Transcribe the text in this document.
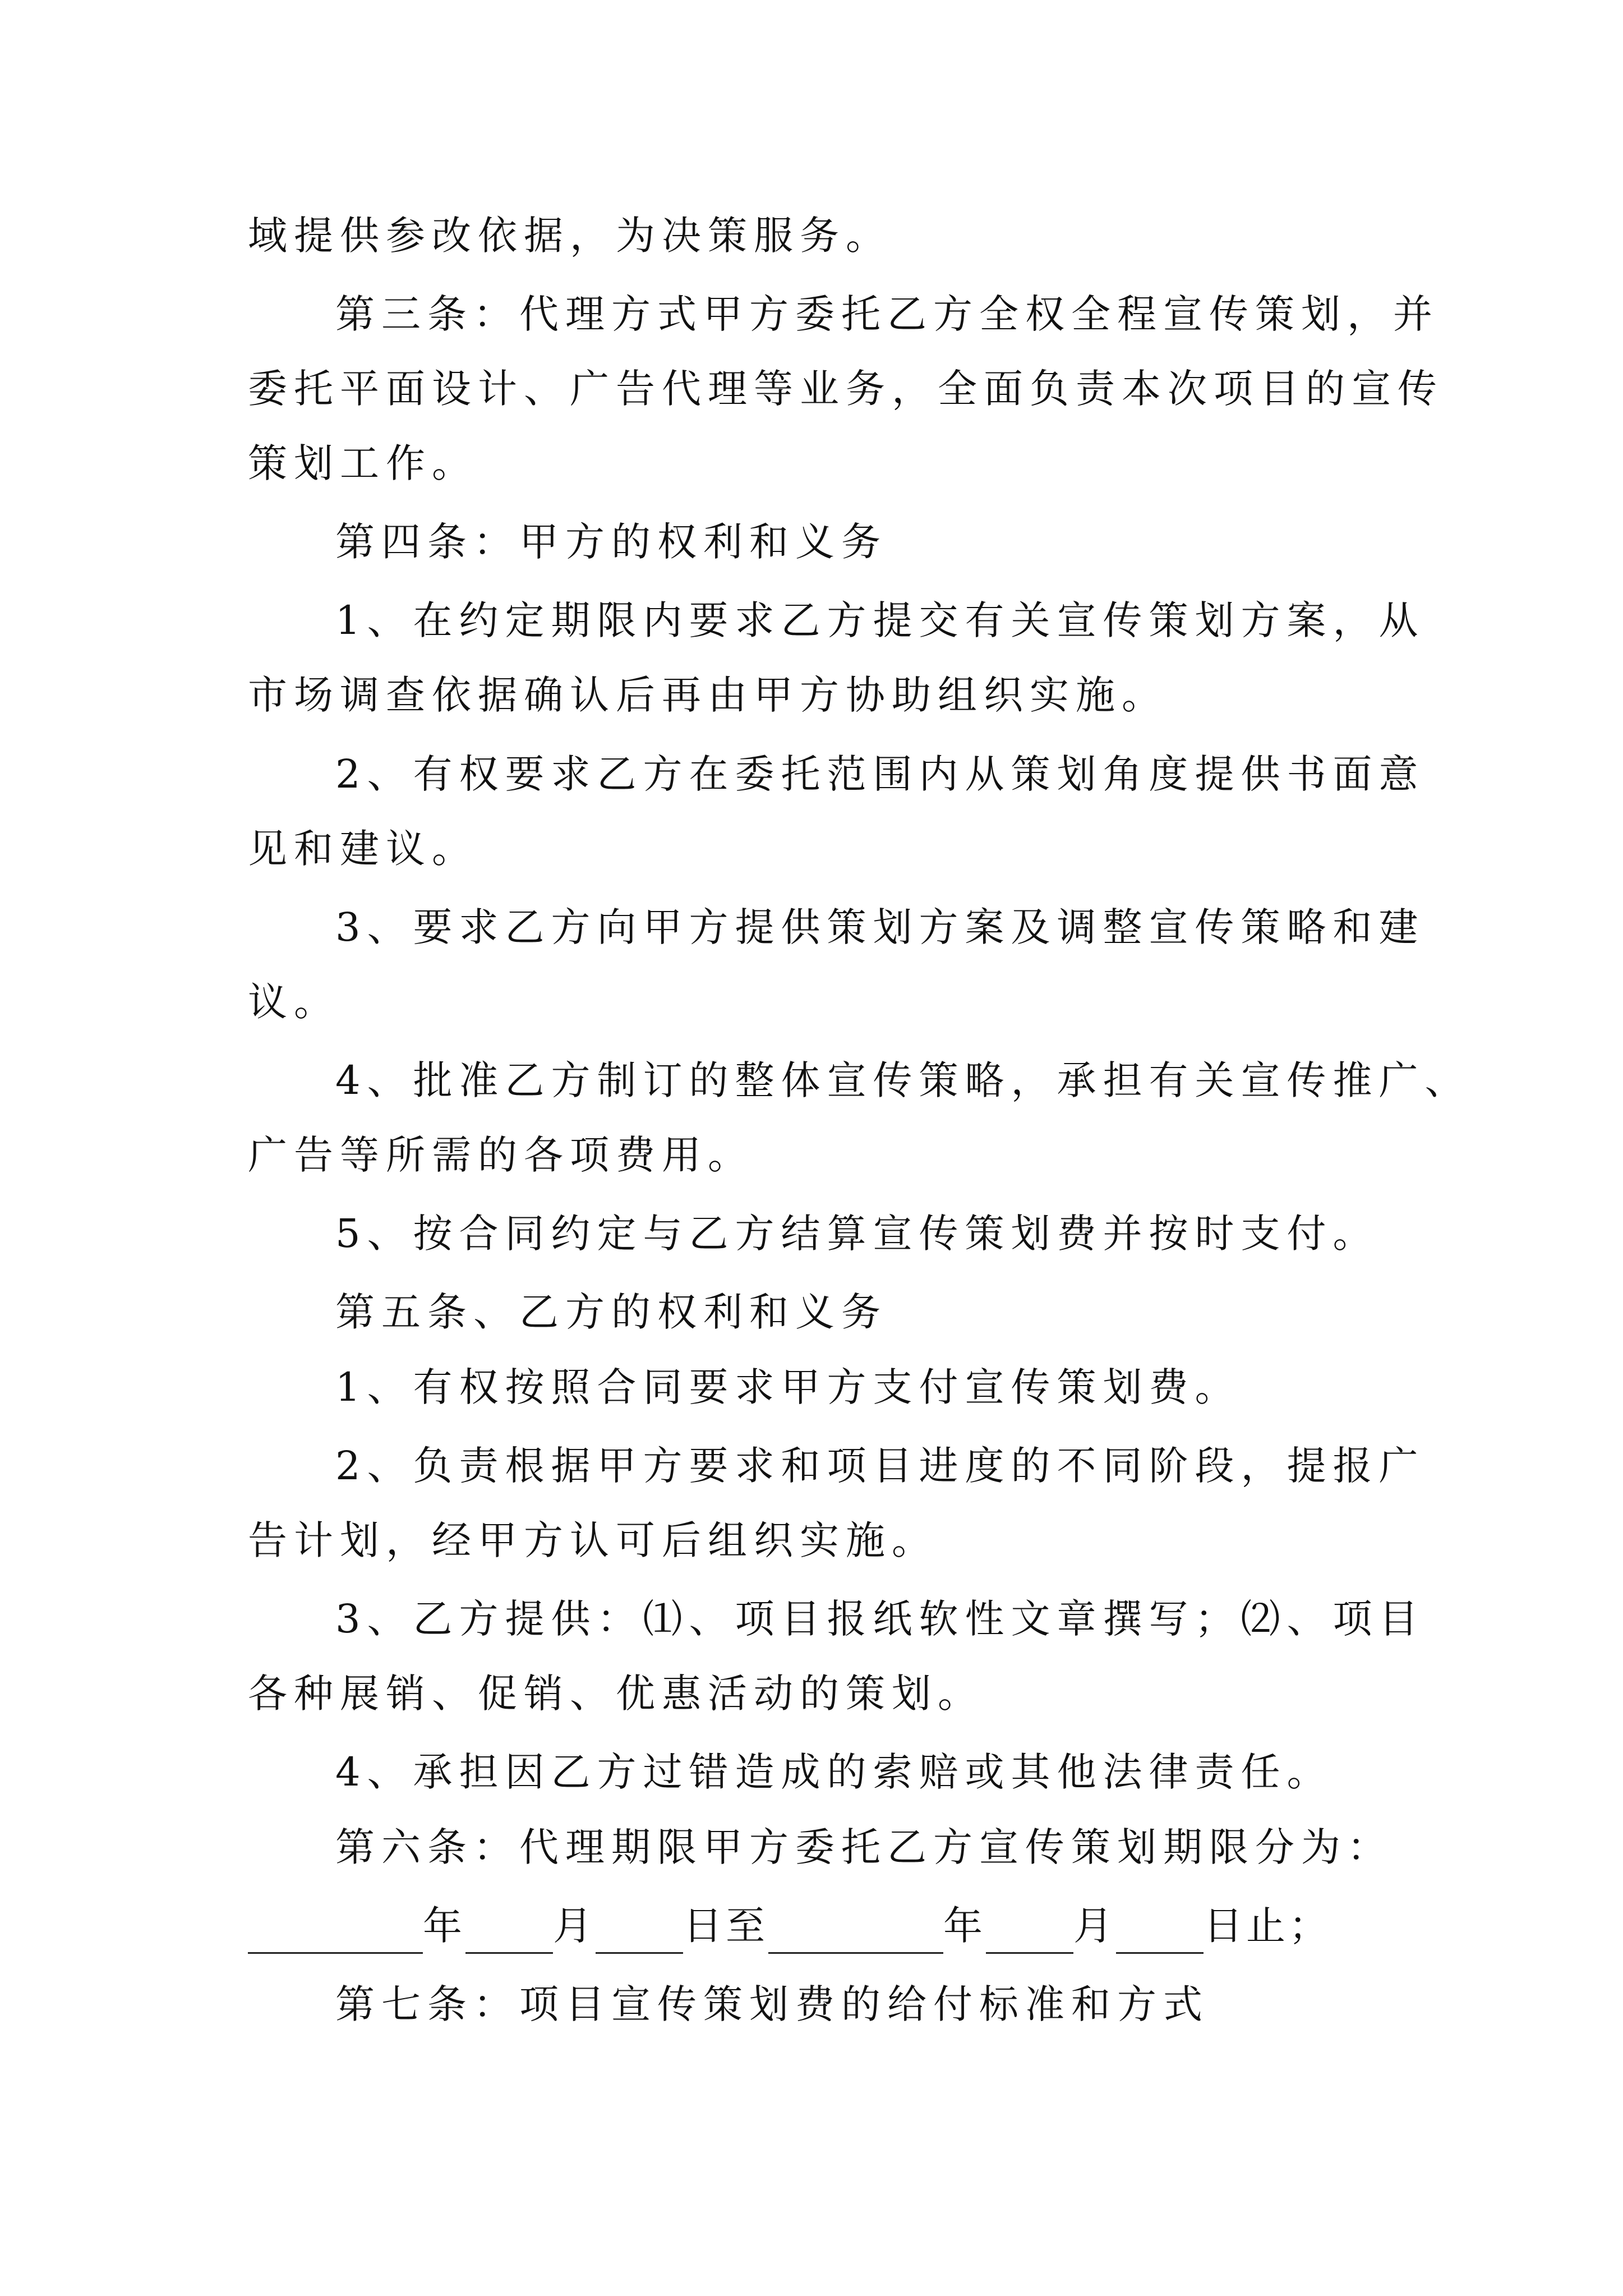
域提供参改依据，为决策服务。
第三条：代理方式甲方委托乙方全权全程宣传策划，并
委托平面设计、广告代理等业务，全面负责本次项目的宣传
策划工作。
第四条：甲方的权利和义务
1、在约定期限内要求乙方提交有关宣传策划方案，从
市场调查依据确认后再由甲方协助组织实施。
2、有权要求乙方在委托范围内从策划角度提供书面意
见和建议。
3、要求乙方向甲方提供策划方案及调整宣传策略和建
议。
4、批准乙方制订的整体宣传策略，承担有关宣传推广、
广告等所需的各项费用。
5、按合同约定与乙方结算宣传策划费并按时支付。
第五条、乙方的权利和义务
1、有权按照合同要求甲方支付宣传策划费。
2、负责根据甲方要求和项目进度的不同阶段，提报广
告计划，经甲方认可后组织实施。
3、乙方提供：⑴、项目报纸软性文章撰写；⑵、项目
各种展销、促销、优惠活动的策划。
4、承担因乙方过错造成的索赔或其他法律责任。
第六条：代理期限甲方委托乙方宣传策划期限分为：
年 月 日至	年 月 日止；
第七条：项目宣传策划费的给付标准和方式
